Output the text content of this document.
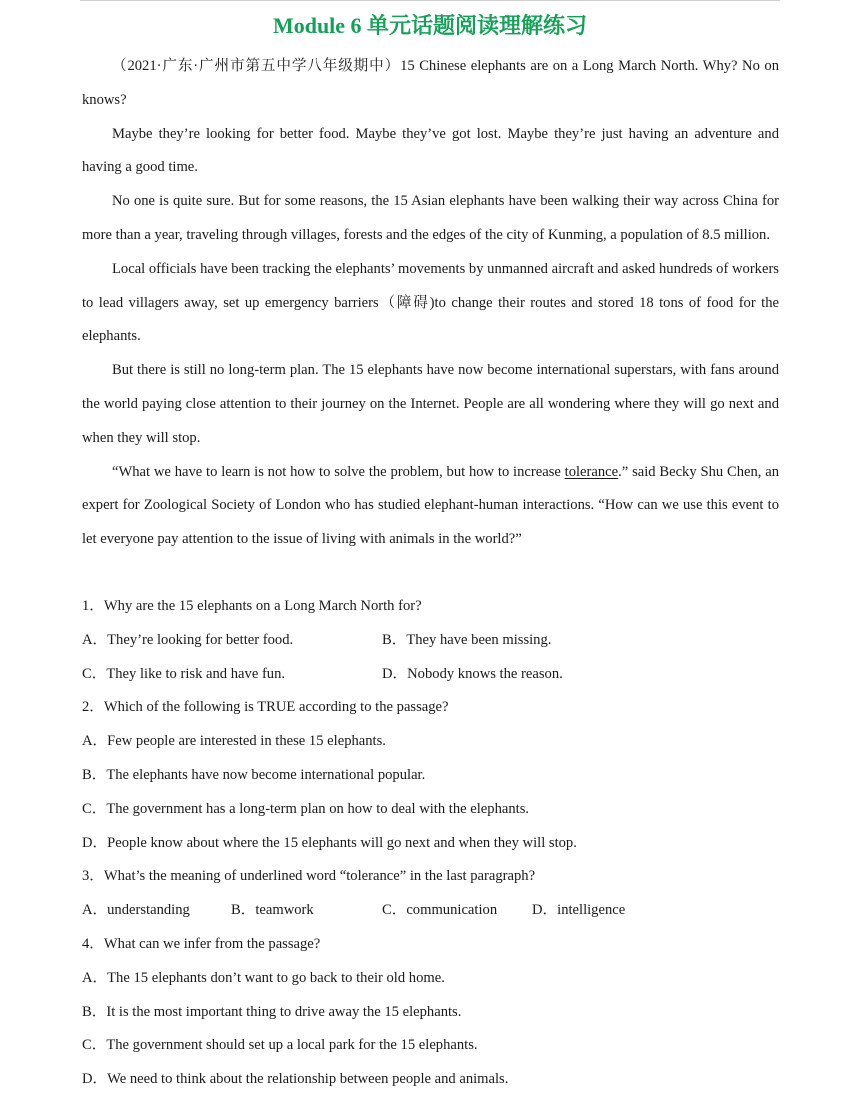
Module 6 单元话题阅读理解练习

（2021·广东·广州市第五中学八年级期中）15 Chinese elephants are on a Long March North. Why? No on knows?

Maybe they’re looking for better food. Maybe they’ve got lost. Maybe they’re just having an adventure and having a good time.

No one is quite sure. But for some reasons, the 15 Asian elephants have been walking their way across China for more than a year, traveling through villages, forests and the edges of the city of Kunming, a population of 8.5 million.

Local officials have been tracking the elephants’ movements by unmanned aircraft and asked hundreds of workers to lead villagers away, set up emergency barriers（障碍)to change their routes and stored 18 tons of food for the elephants.

But there is still no long-term plan. The 15 elephants have now become international superstars, with fans around the world paying close attention to their journey on the Internet. People are all wondering where they will go next and when they will stop.

“What we have to learn is not how to solve the problem, but how to increase tolerance.” said Becky Shu Chen, an expert for Zoological Society of London who has studied elephant-human interactions. “How can we use this event to let everyone pay attention to the issue of living with animals in the world?”

1．Why are the 15 elephants on a Long March North for?
A．They’re looking for better food.	B．They have been missing.
C．They like to risk and have fun.	D．Nobody knows the reason.
2．Which of the following is TRUE according to the passage?
A．Few people are interested in these 15 elephants.
B．The elephants have now become international popular.
C．The government has a long-term plan on how to deal with the elephants.
D．People know about where the 15 elephants will go next and when they will stop.
3．What’s the meaning of underlined word “tolerance” in the last paragraph?
A．understanding	B．teamwork	C．communication D．intelligence
4．What can we infer from the passage?
A．The 15 elephants don’t want to go back to their old home.
B．It is the most important thing to drive away the 15 elephants.
C．The government should set up a local park for the 15 elephants.
D．We need to think about the relationship between people and animals.
